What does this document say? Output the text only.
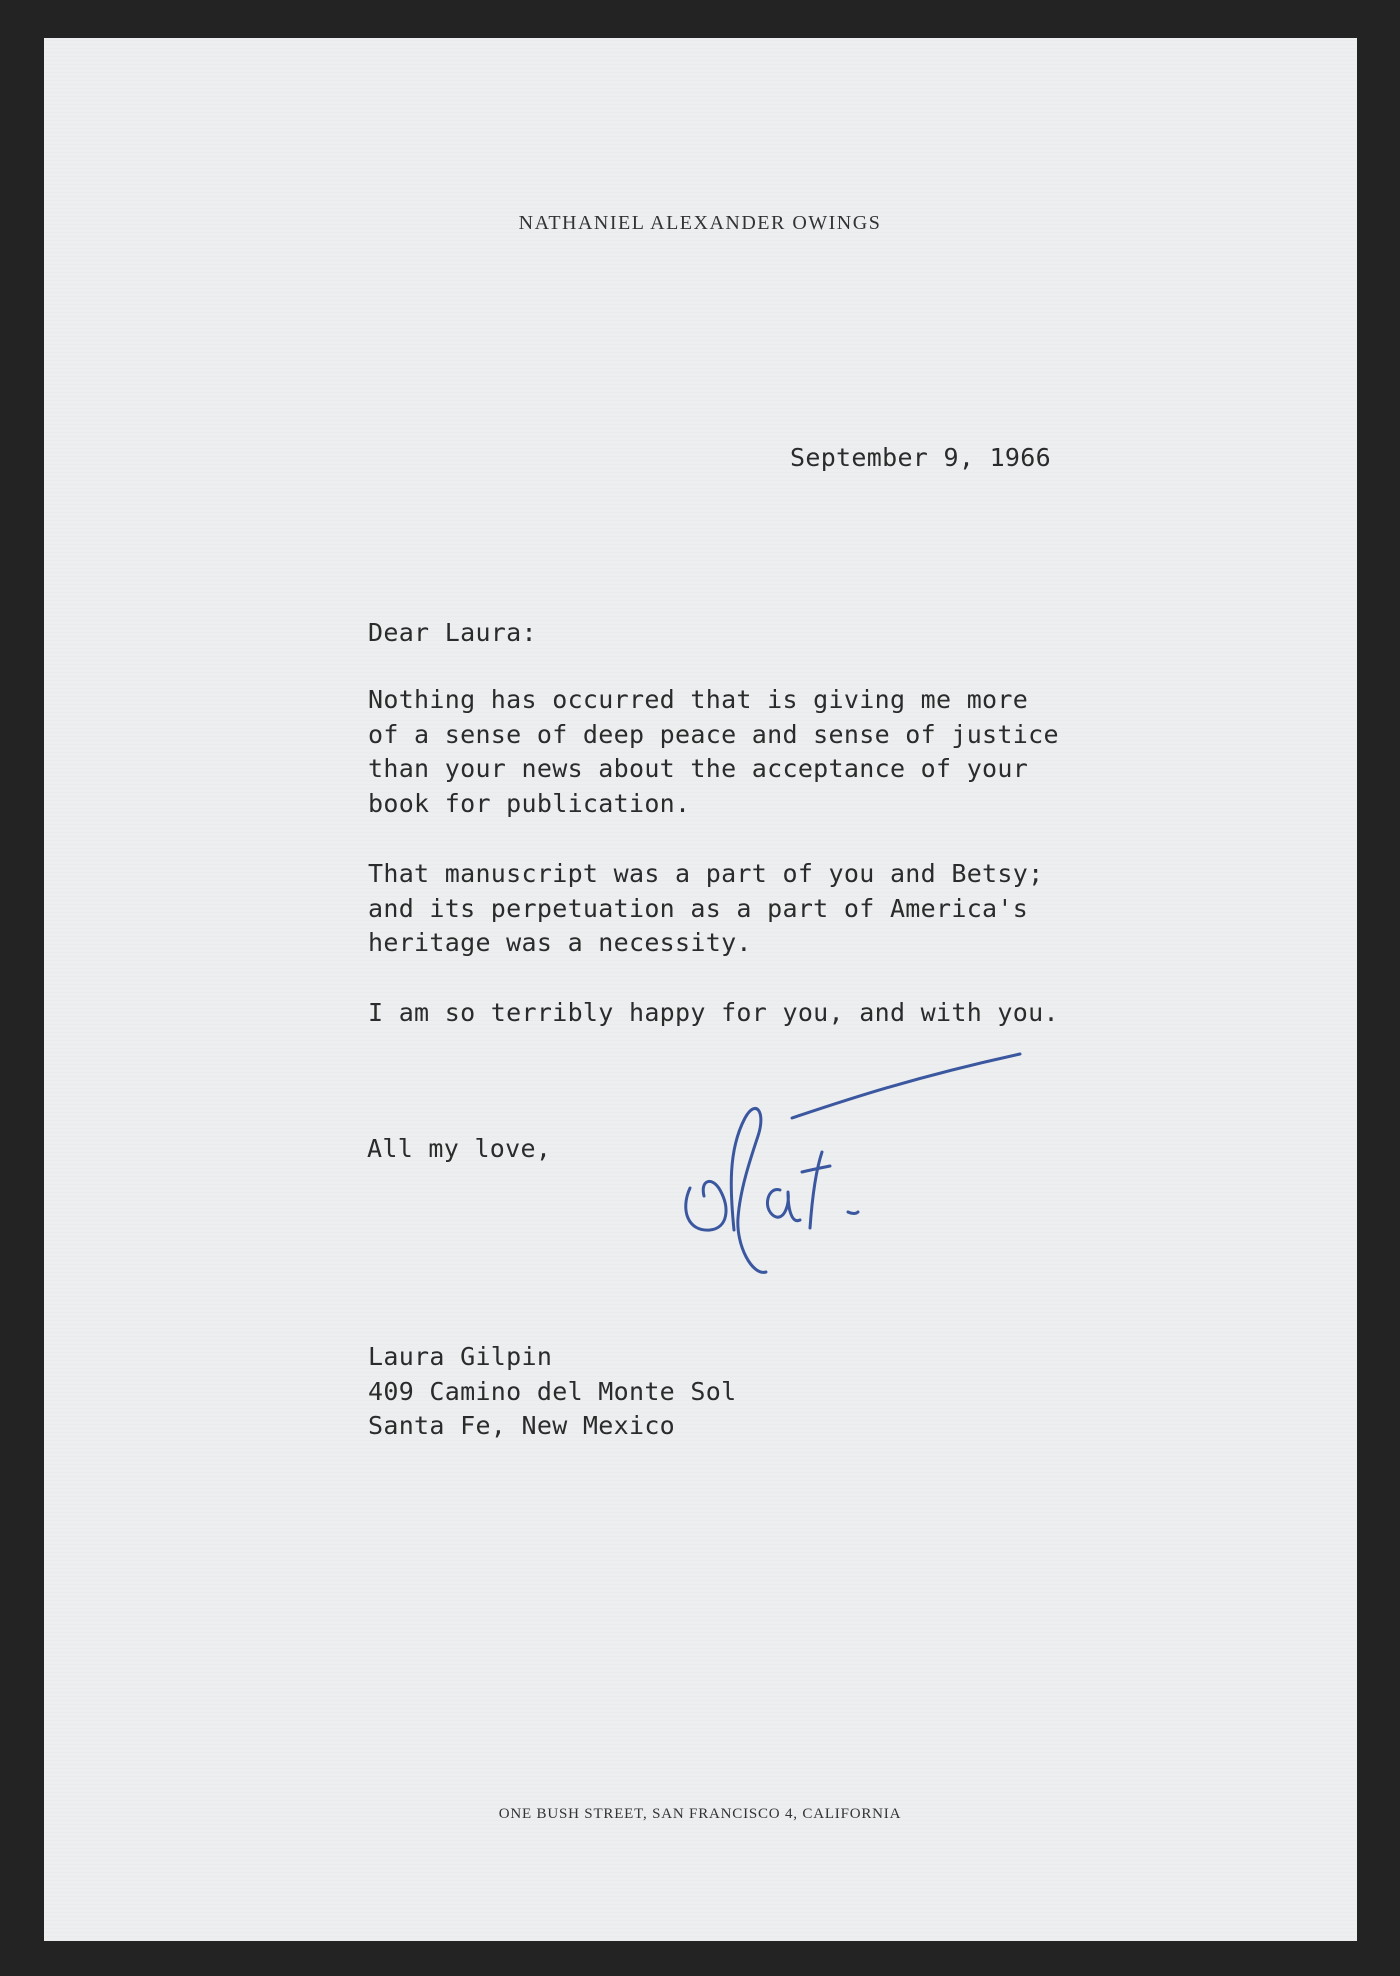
NATHANIEL ALEXANDER OWINGS
September 9, 1966
Dear Laura:
Nothing has occurred that is giving me more
of a sense of deep peace and sense of justice
than your news about the acceptance of your
book for publication.
That manuscript was a part of you and Betsy;
and its perpetuation as a part of America's
heritage was a necessity.
I am so terribly happy for you, and with you.
All my love,
Laura Gilpin
409 Camino del Monte Sol
Santa Fe, New Mexico
ONE BUSH STREET, SAN FRANCISCO 4, CALIFORNIA
